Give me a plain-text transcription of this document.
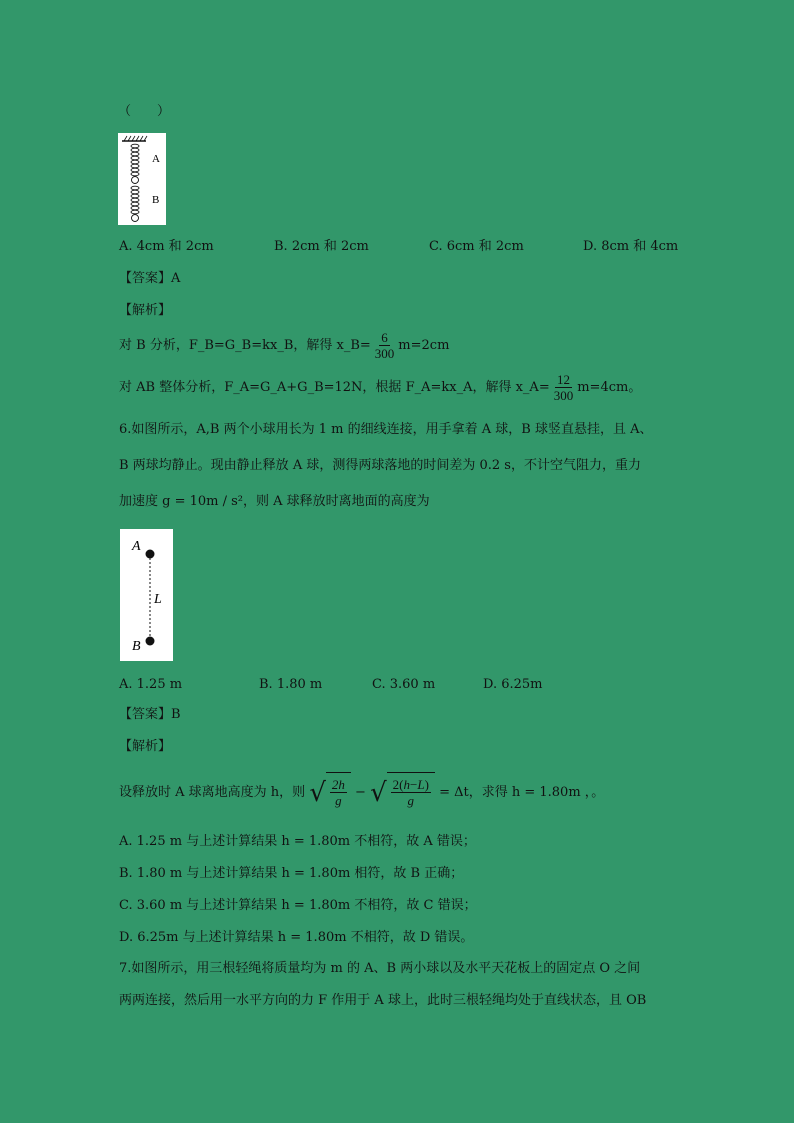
（　　）
A
B
A. 4cm 和 2cm	B. 2cm 和 2cm	C. 6cm 和 2cm	D. 8cm 和 4cm
【答案】A
【解析】
对 B 分析，F_B=G_B=kx_B，解得 x_B= $\frac{6}{300} m=2cm$
对 AB 整体分析，F_A=G_A+G_B=12N，根据 F_A=kx_A，解得 x_A= $\frac{12}{300} m=4cm$。
6.如图所示，A,B 两个小球用长为 1 m 的细线连接，用手拿着 A 球，B 球竖直悬挂，且 A、
B 两球均静止。现由静止释放 A 球，测得两球落地的时间差为 0.2 s，不计空气阻力，重力
加速度 g = 10m / s²，则 A 球释放时离地面的高度为
A
L
B
A. 1.25 m	B. 1.80 m	C. 3.60 m	D. 6.25m
【答案】B
【解析】
设释放时 A 球离地高度为 h，则 √ $\frac{2h}{g}$ − √ $\frac{2(h-L)}{g} = \Delta t$，求得 h = 1.80m ，。
A. 1.25 m 与上述计算结果 h = 1.80m 不相符，故 A 错误；
B. 1.80 m 与上述计算结果 h = 1.80m 相符，故 B 正确；
C. 3.60 m 与上述计算结果 h = 1.80m 不相符，故 C 错误；
D. 6.25m 与上述计算结果 h = 1.80m 不相符，故 D 错误。
7.如图所示，用三根轻绳将质量均为 m 的 A、B 两小球以及水平天花板上的固定点 O 之间
两两连接，然后用一水平方向的力 F 作用于 A 球上，此时三根轻绳均处于直线状态，且 OB
